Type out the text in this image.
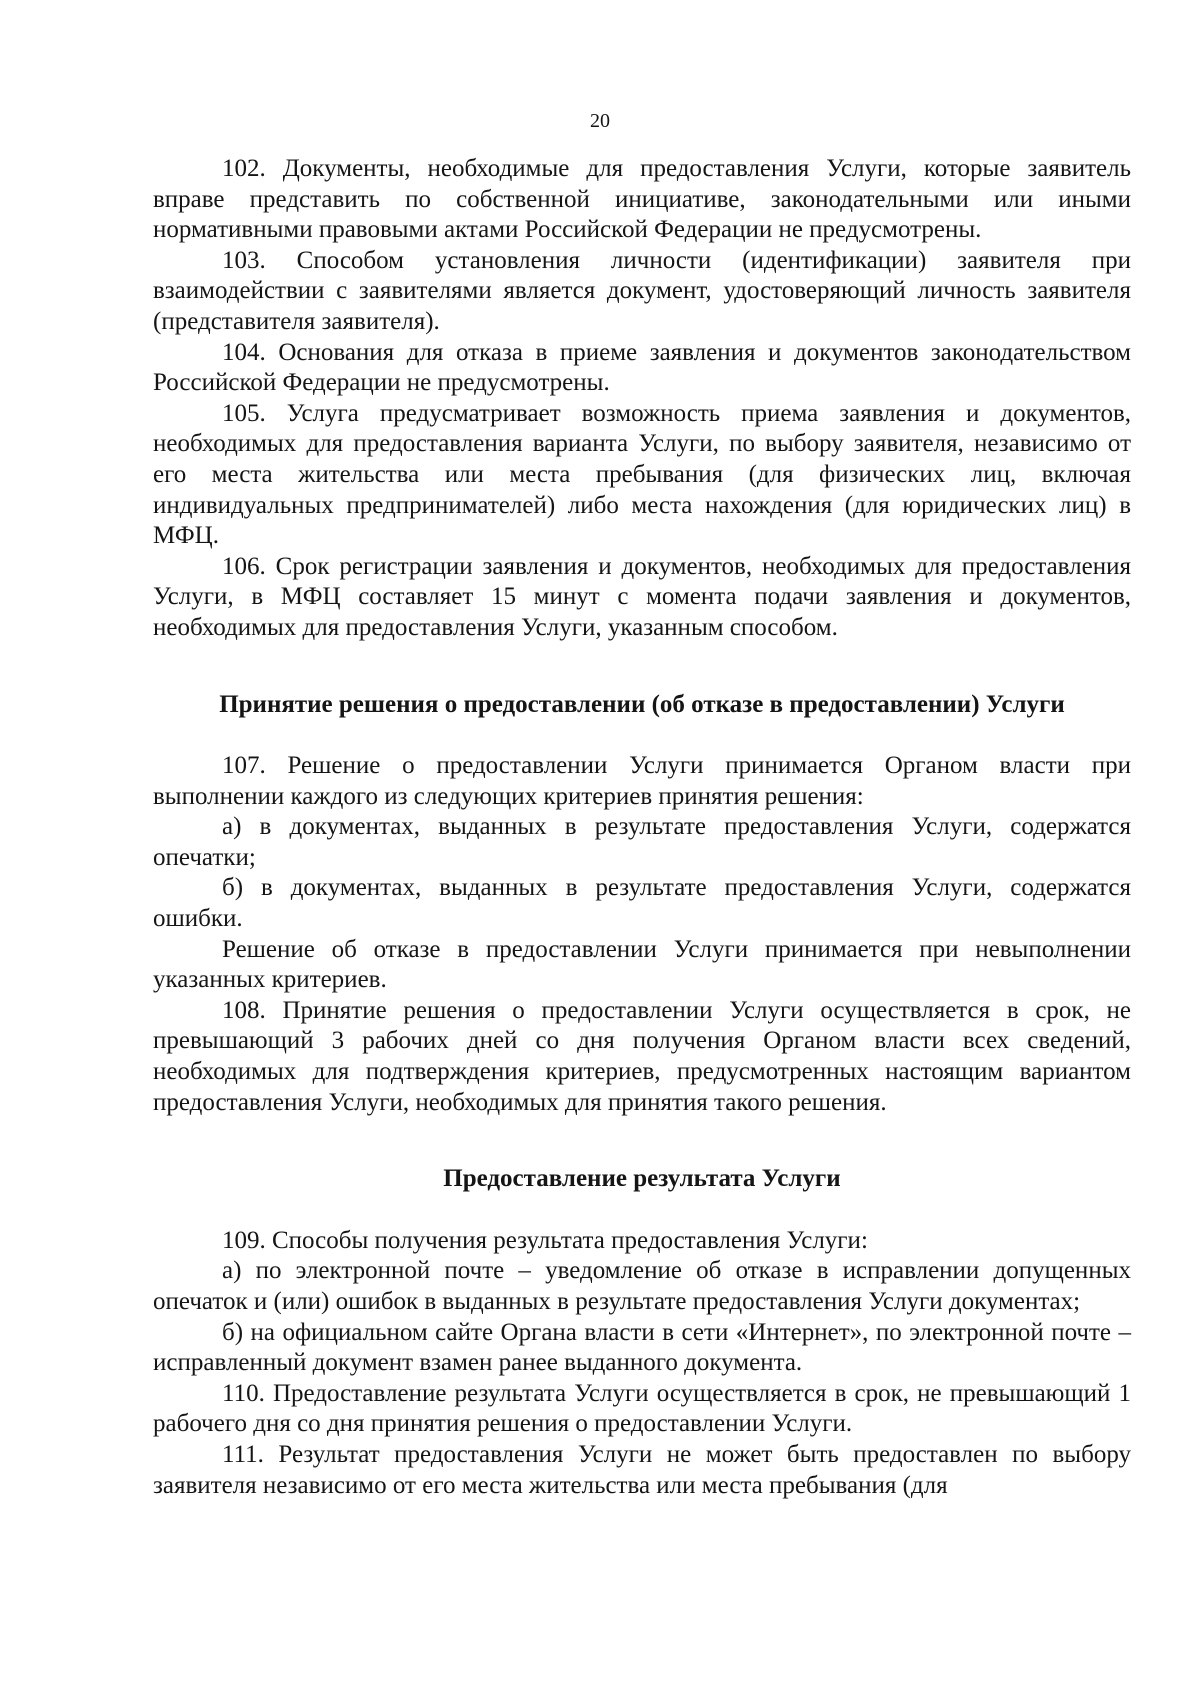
20

102. Документы, необходимые для предоставления Услуги, которые заявитель вправе представить по собственной инициативе, законодательными или иными нормативными правовыми актами Российской Федерации не предусмотрены.

103. Способом установления личности (идентификации) заявителя при взаимодействии с заявителями является документ, удостоверяющий личность заявителя (представителя заявителя).

104. Основания для отказа в приеме заявления и документов законодательством Российской Федерации не предусмотрены.

105. Услуга предусматривает возможность приема заявления и документов, необходимых для предоставления варианта Услуги, по выбору заявителя, независимо от его места жительства или места пребывания (для физических лиц, включая индивидуальных предпринимателей) либо места нахождения (для юридических лиц) в МФЦ.

106. Срок регистрации заявления и документов, необходимых для предоставления Услуги, в МФЦ составляет 15 минут с момента подачи заявления и документов, необходимых для предоставления Услуги, указанным способом.

Принятие решения о предоставлении (об отказе в предоставлении) Услуги

107. Решение о предоставлении Услуги принимается Органом власти при выполнении каждого из следующих критериев принятия решения:

а) в документах, выданных в результате предоставления Услуги, содержатся опечатки;

б) в документах, выданных в результате предоставления Услуги, содержатся ошибки.

Решение об отказе в предоставлении Услуги принимается при невыполнении указанных критериев.

108. Принятие решения о предоставлении Услуги осуществляется в срок, не превышающий 3 рабочих дней со дня получения Органом власти всех сведений, необходимых для подтверждения критериев, предусмотренных настоящим вариантом предоставления Услуги, необходимых для принятия такого решения.

Предоставление результата Услуги

109. Способы получения результата предоставления Услуги:

а) по электронной почте – уведомление об отказе в исправлении допущенных опечаток и (или) ошибок в выданных в результате предоставления Услуги документах;

б) на официальном сайте Органа власти в сети «Интернет», по электронной почте – исправленный документ взамен ранее выданного документа.

110. Предоставление результата Услуги осуществляется в срок, не превышающий 1 рабочего дня со дня принятия решения о предоставлении Услуги.

111. Результат предоставления Услуги не может быть предоставлен по выбору заявителя независимо от его места жительства или места пребывания (для
